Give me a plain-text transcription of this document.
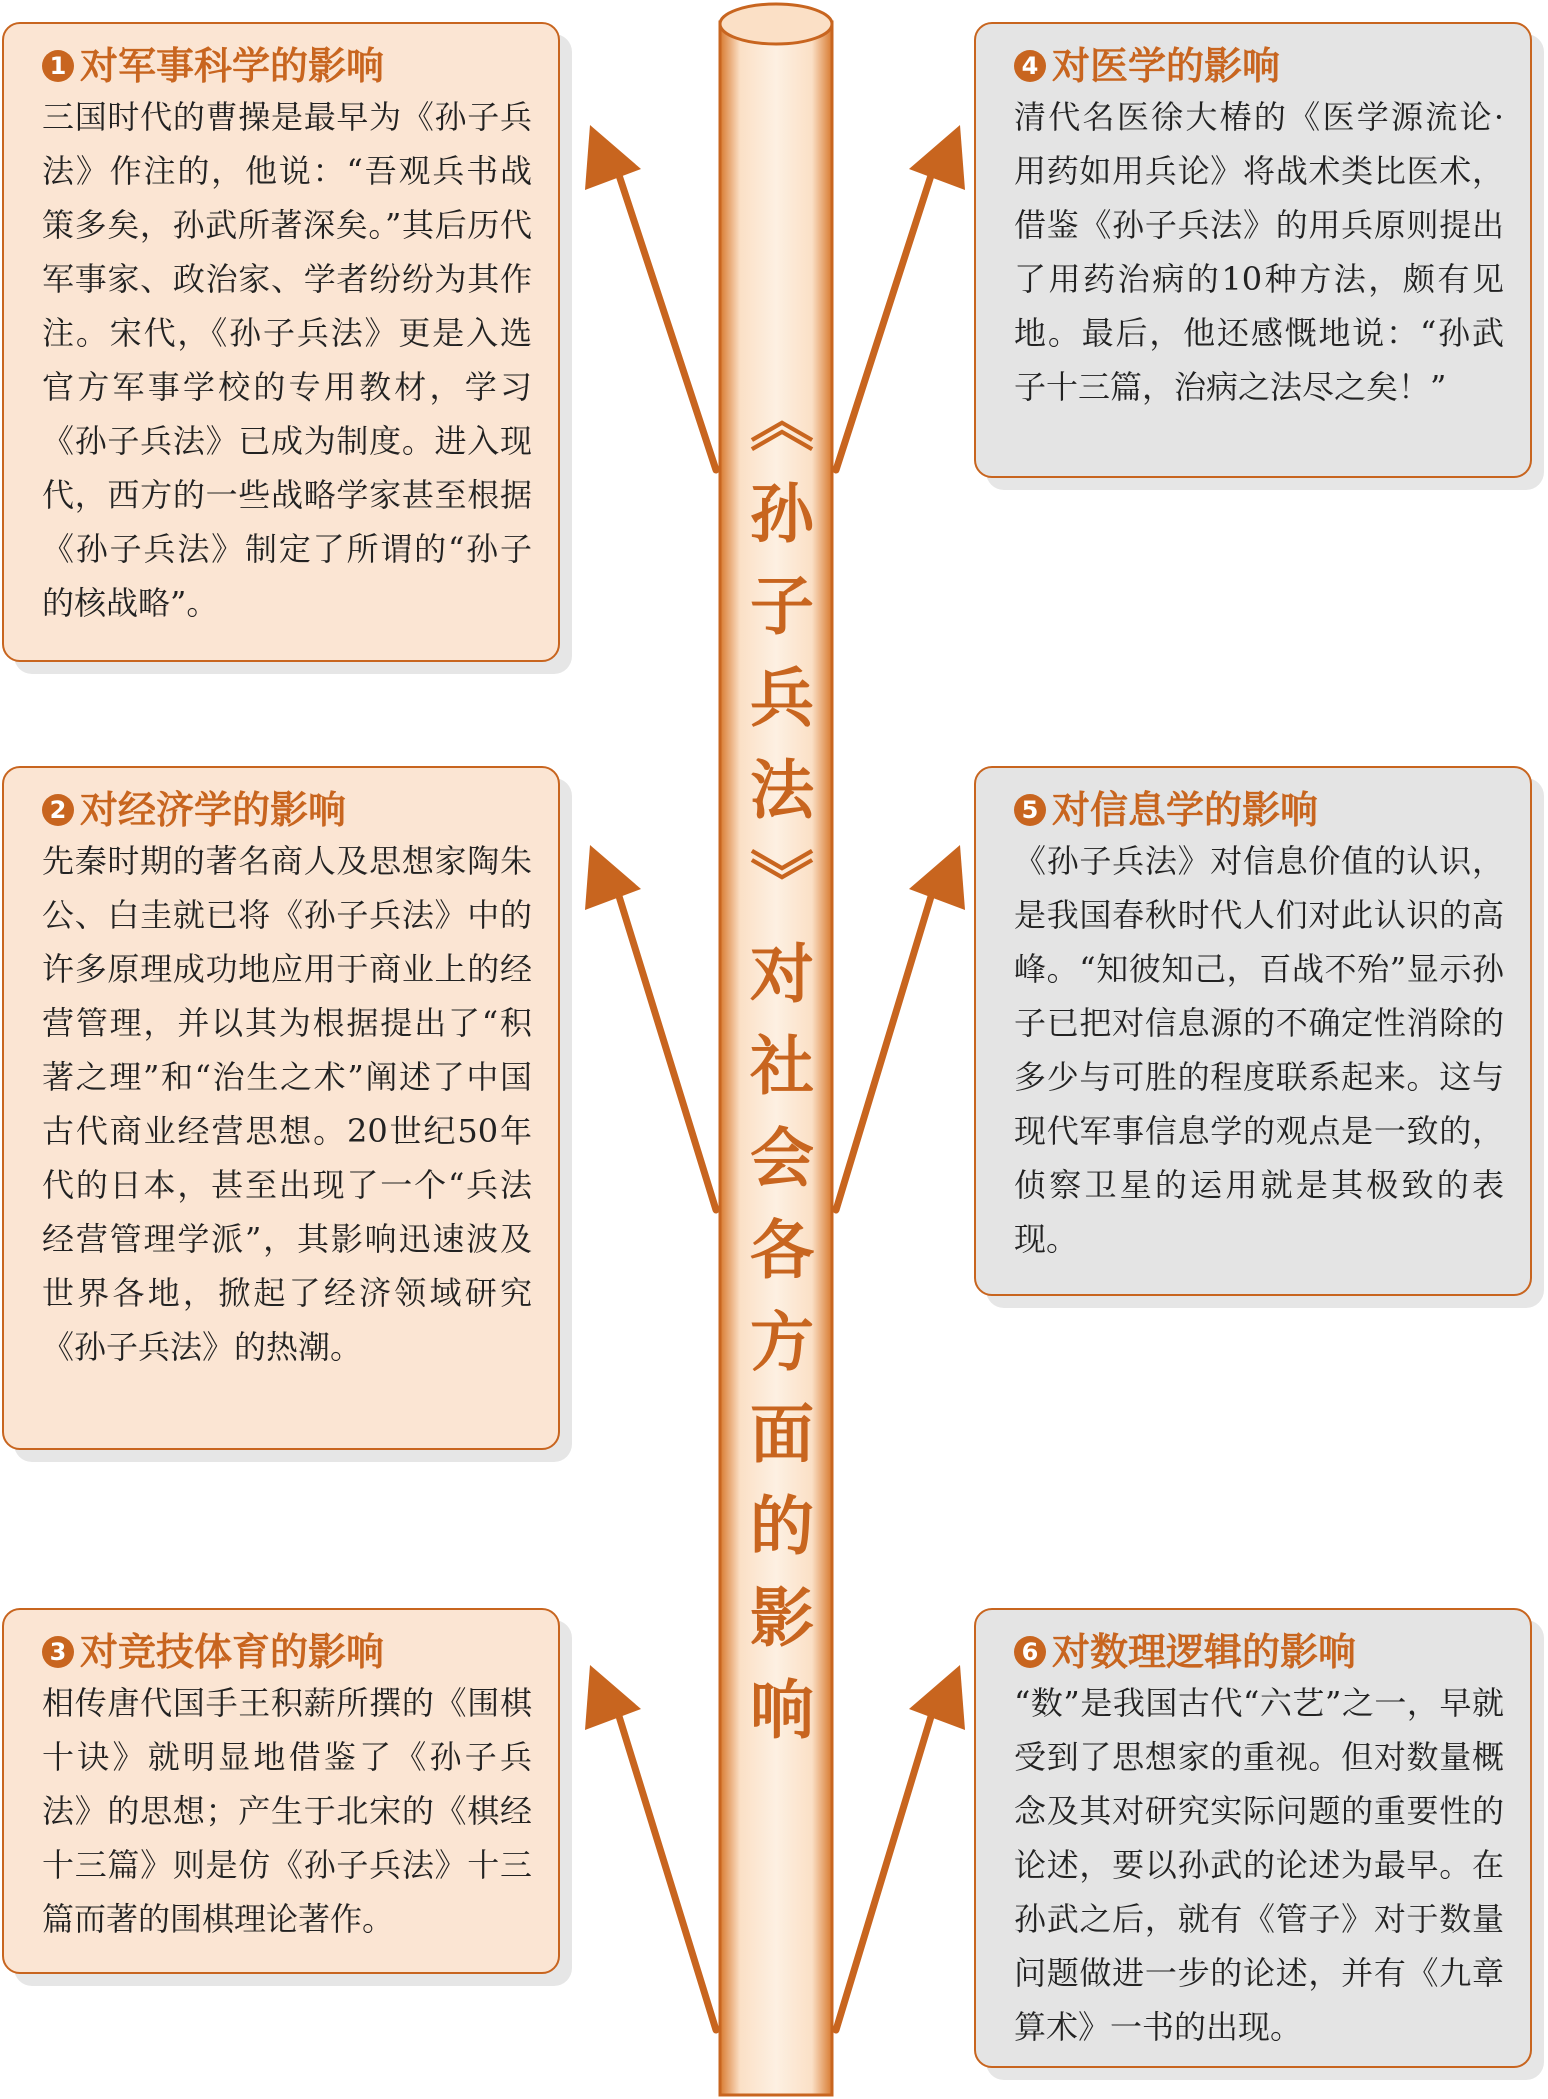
《孙子兵法》对社会各方面的影响
1 对军事科学的影响
三国时代的曹操是最早为《孙子兵法》作注的，他说：“吾观兵书战策多矣，孙武所著深矣。”其后历代军事家、政治家、学者纷纷为其作注。宋代，《孙子兵法》更是入选官方军事学校的专用教材，学习《孙子兵法》已成为制度。进入现代，西方的一些战略学家甚至根据《孙子兵法》制定了所谓的“孙子的核战略”。
2 对经济学的影响
先秦时期的著名商人及思想家陶朱公、白圭就已将《孙子兵法》中的许多原理成功地应用于商业上的经营管理，并以其为根据提出了“积著之理”和“治生之术”阐述了中国古代商业经营思想。20世纪50年代的日本，甚至出现了一个“兵法经营管理学派”，其影响迅速波及世界各地，掀起了经济领域研究《孙子兵法》的热潮。
3 对竞技体育的影响
相传唐代国手王积薪所撰的《围棋十诀》就明显地借鉴了《孙子兵法》的思想；产生于北宋的《棋经十三篇》则是仿《孙子兵法》十三篇而著的围棋理论著作。
4 对医学的影响
清代名医徐大椿的《医学源流论·用药如用兵论》将战术类比医术，借鉴《孙子兵法》的用兵原则提出了用药治病的10种方法，颇有见地。最后，他还感慨地说：“孙武子十三篇，治病之法尽之矣！”
5 对信息学的影响
《孙子兵法》对信息价值的认识，是我国春秋时代人们对此认识的高峰。“知彼知己，百战不殆”显示孙子已把对信息源的不确定性消除的多少与可胜的程度联系起来。这与现代军事信息学的观点是一致的，侦察卫星的运用就是其极致的表现。
6 对数理逻辑的影响
“数”是我国古代“六艺”之一，早就受到了思想家的重视。但对数量概念及其对研究实际问题的重要性的论述，要以孙武的论述为最早。在孙武之后，就有《管子》对于数量问题做进一步的论述，并有《九章算术》一书的出现。
